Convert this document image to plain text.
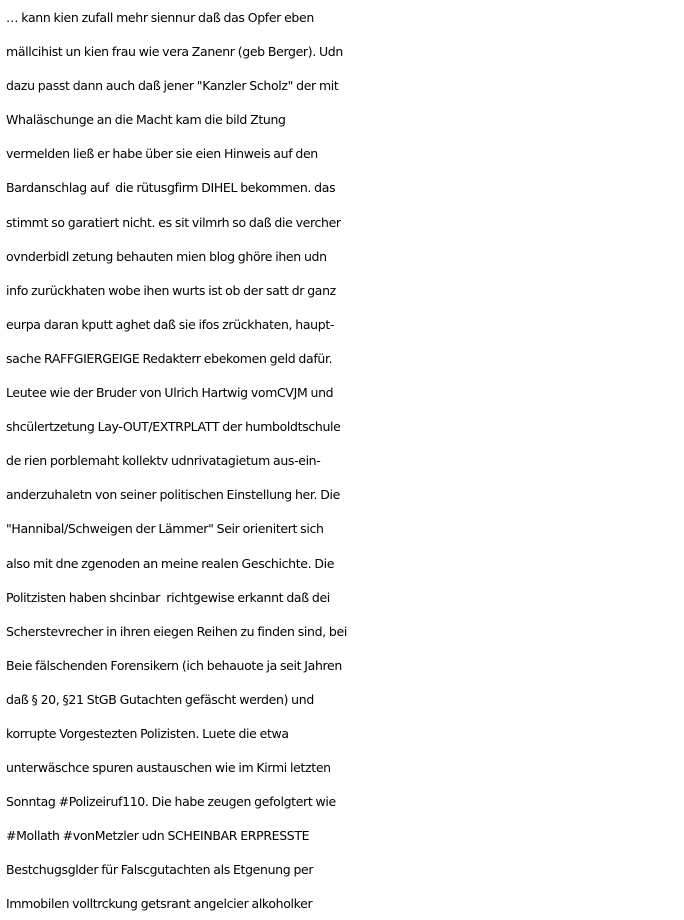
… kann kien zufall mehr siennur daß das Opfer eben
mällcihist un kien frau wie vera Zanenr (geb Berger). Udn
dazu passt dann auch daß jener "Kanzler Scholz" der mit
Whaläschunge an die Macht kam die bild Ztung
vermelden ließ er habe über sie eien Hinweis auf den
Bardanschlag auf  die rütusgfirm DIHEL bekommen. das
stimmt so garatiert nicht. es sit vilmrh so daß die vercher
ovnderbidl zetung behauten mien blog ghöre ihen udn
info zurückhaten wobe ihen wurts ist ob der satt dr ganz
eurpa daran kputt aghet daß sie ifos zrückhaten, haupt-
sache RAFFGIERGEIGE Redakterr ebekomen geld dafür.
Leutee wie der Bruder von Ulrich Hartwig vomCVJM und
shcülertzetung Lay-OUT/EXTRPLATT der humboldtschule
de rien porblemaht kollektv udnrivatagietum aus-ein-
anderzuhaletn von seiner politischen Einstellung her. Die
"Hannibal/Schweigen der Lämmer" Seir orienitert sich
also mit dne zgenoden an meine realen Geschichte. Die
Politzisten haben shcinbar  richtgewise erkannt daß dei
Scherstevrecher in ihren eiegen Reihen zu finden sind, bei
Beie fälschenden Forensikern (ich behauote ja seit Jahren
daß § 20, §21 StGB Gutachten gefäscht werden) und
korrupte Vorgestezten Polizisten. Luete die etwa
unterwäschce spuren austauschen wie im Kirmi letzten
Sonntag #Polizeiruf110. Die habe zeugen gefolgtert wie
#Mollath #vonMetzler udn SCHEINBAR ERPRESSTE
Bestchugsglder für Falscgutachten als Etgenung per
Immobilen volltrckung getsrant angelcier alkoholker
